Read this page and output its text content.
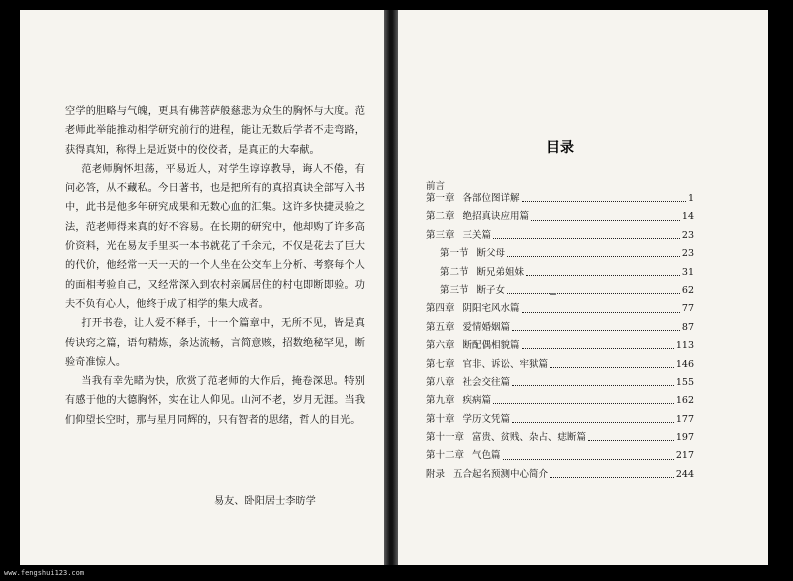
空学的胆略与气魄，更具有佛菩萨般慈悲为众生的胸怀与大度。范老师此举能推动相学研究前行的进程，能让无数后学者不走弯路，获得真知，称得上是近贤中的佼佼者，是真正的大奉献。

范老师胸怀坦荡，平易近人，对学生谆谆教导，诲人不倦，有问必答，从不藏私。今日著书，也是把所有的真招真诀全部写入书中，此书是他多年研究成果和无数心血的汇集。这许多快捷灵验之法，范老师得来真的好不容易。在长期的研究中，他却购了许多高价资料，光在易友手里买一本书就花了千余元，不仅是花去了巨大的代价，他经常一天一天的一个人坐在公交车上分析、考察每个人的面相考验自己，又经常深入到农村亲属居住的村屯即断即验。功夫不负有心人，他终于成了相学的集大成者。

打开书卷，让人爱不释手，十一个篇章中，无所不见，皆是真传诀窍之篇，语句精炼，条达流畅，言简意赅，招数绝秘罕见，断验奇准惊人。

当我有幸先睹为快，欣赏了范老师的大作后，掩卷深思。特别有感于他的大德胸怀，实在让人仰见。山河不老，岁月无涯。当我们仰望长空时，那与星月同辉的，只有智者的思绪，哲人的目光。

易友、卧阳居士李昉学
目录
前言
第一章 各部位图详解	1
第二章 绝招真诀应用篇	14
第三章 三关篇	23
第一节 断父母	23
第二节 断兄弟姐妹	31
第三节 断子女	62
第四章 阴阳宅风水篇	77
第五章 爱情婚姻篇	87
第六章 断配偶相貌篇	113
第七章 官非、诉讼、牢狱篇	146
第八章 社会交往篇	155
第九章 疾病篇	162
第十章 学历文凭篇	177
第十一章 富贵、贫贱、杂占、痣断篇	197
第十二章 气色篇	217
附录 五合起名预测中心简介	244
www.fengshui123.com
